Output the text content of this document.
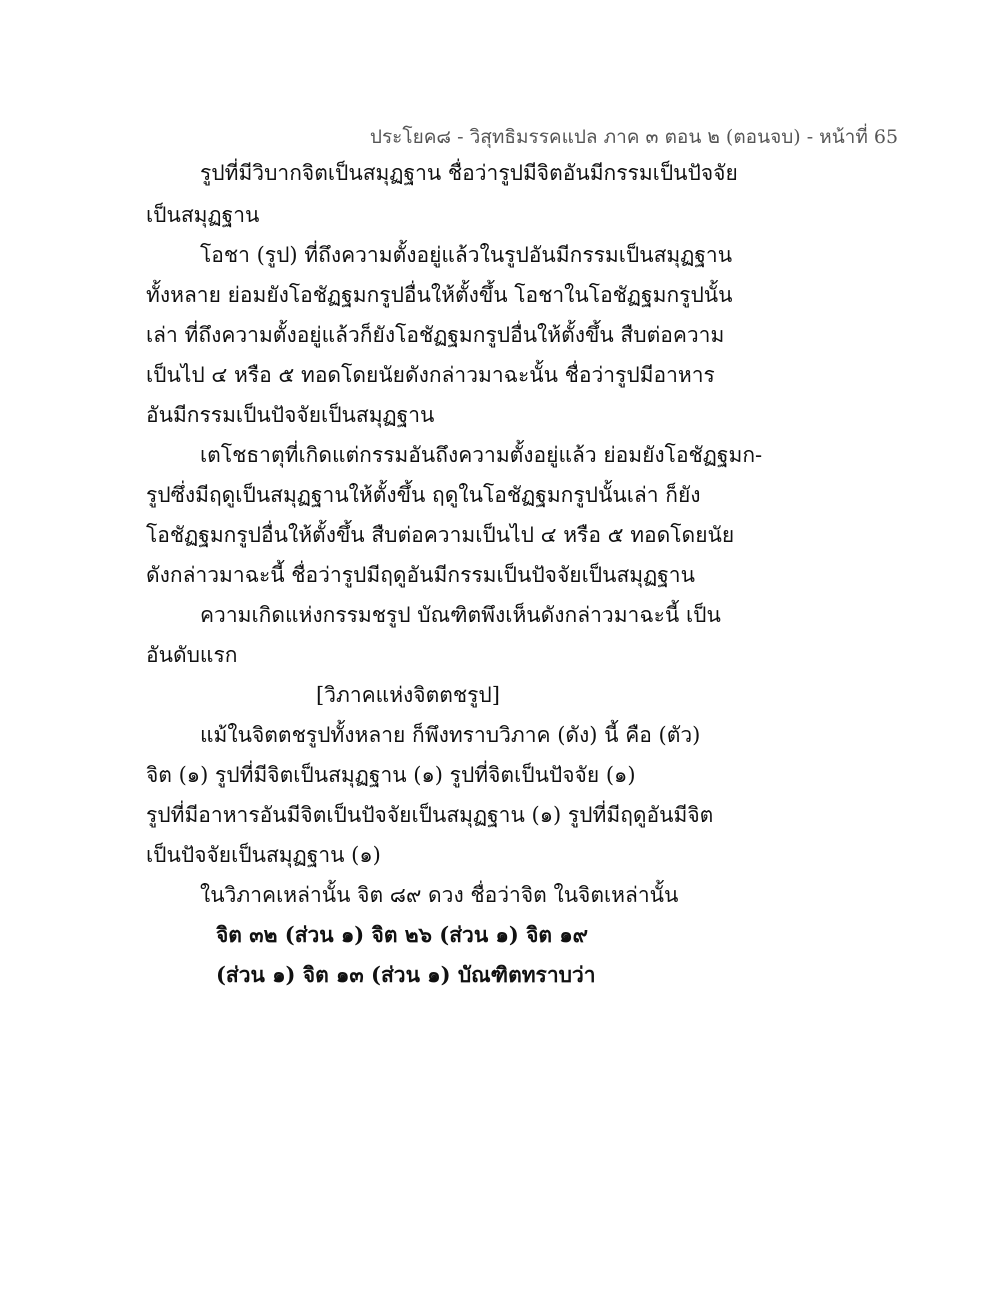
ประโยค๘ - วิสุทธิมรรคแปล ภาค ๓ ตอน ๒ (ตอนจบ) - หน้าที่ 65
รูปที่มีวิบากจิตเป็นสมุฏฐาน ชื่อว่ารูปมีจิตอันมีกรรมเป็นปัจจัย
เป็นสมุฏฐาน
โอชา (รูป) ที่ถึงความตั้งอยู่แล้วในรูปอันมีกรรมเป็นสมุฏฐาน
ทั้งหลาย ย่อมยังโอชัฏฐมกรูปอื่นให้ตั้งขึ้น โอชาในโอชัฏฐมกรูปนั้น
เล่า ที่ถึงความตั้งอยู่แล้วก็ยังโอชัฏฐมกรูปอื่นให้ตั้งขึ้น สืบต่อความ
เป็นไป ๔ หรือ ๕ ทอดโดยนัยดังกล่าวมาฉะนั้น ชื่อว่ารูปมีอาหาร
อันมีกรรมเป็นปัจจัยเป็นสมุฏฐาน
เตโชธาตุที่เกิดแต่กรรมอันถึงความตั้งอยู่แล้ว ย่อมยังโอชัฏฐมก-
รูปซึ่งมีฤดูเป็นสมุฏฐานให้ตั้งขึ้น ฤดูในโอชัฏฐมกรูปนั้นเล่า ก็ยัง
โอชัฏฐมกรูปอื่นให้ตั้งขึ้น สืบต่อความเป็นไป ๔ หรือ ๕ ทอดโดยนัย
ดังกล่าวมาฉะนี้ ชื่อว่ารูปมีฤดูอันมีกรรมเป็นปัจจัยเป็นสมุฏฐาน
ความเกิดแห่งกรรมชรูป บัณฑิตพึงเห็นดังกล่าวมาฉะนี้ เป็น
อันดับแรก
[วิภาคแห่งจิตตชรูป]
แม้ในจิตตชรูปทั้งหลาย ก็พึงทราบวิภาค (ดัง) นี้ คือ (ตัว)
จิต (๑) รูปที่มีจิตเป็นสมุฏฐาน (๑) รูปที่จิตเป็นปัจจัย (๑)
รูปที่มีอาหารอันมีจิตเป็นปัจจัยเป็นสมุฏฐาน (๑) รูปที่มีฤดูอันมีจิต
เป็นปัจจัยเป็นสมุฏฐาน (๑)
ในวิภาคเหล่านั้น จิต ๘๙ ดวง ชื่อว่าจิต ในจิตเหล่านั้น
จิต ๓๒ (ส่วน ๑) จิต ๒๖ (ส่วน ๑) จิต ๑๙
(ส่วน ๑) จิต ๑๓ (ส่วน ๑) บัณฑิตทราบว่า
